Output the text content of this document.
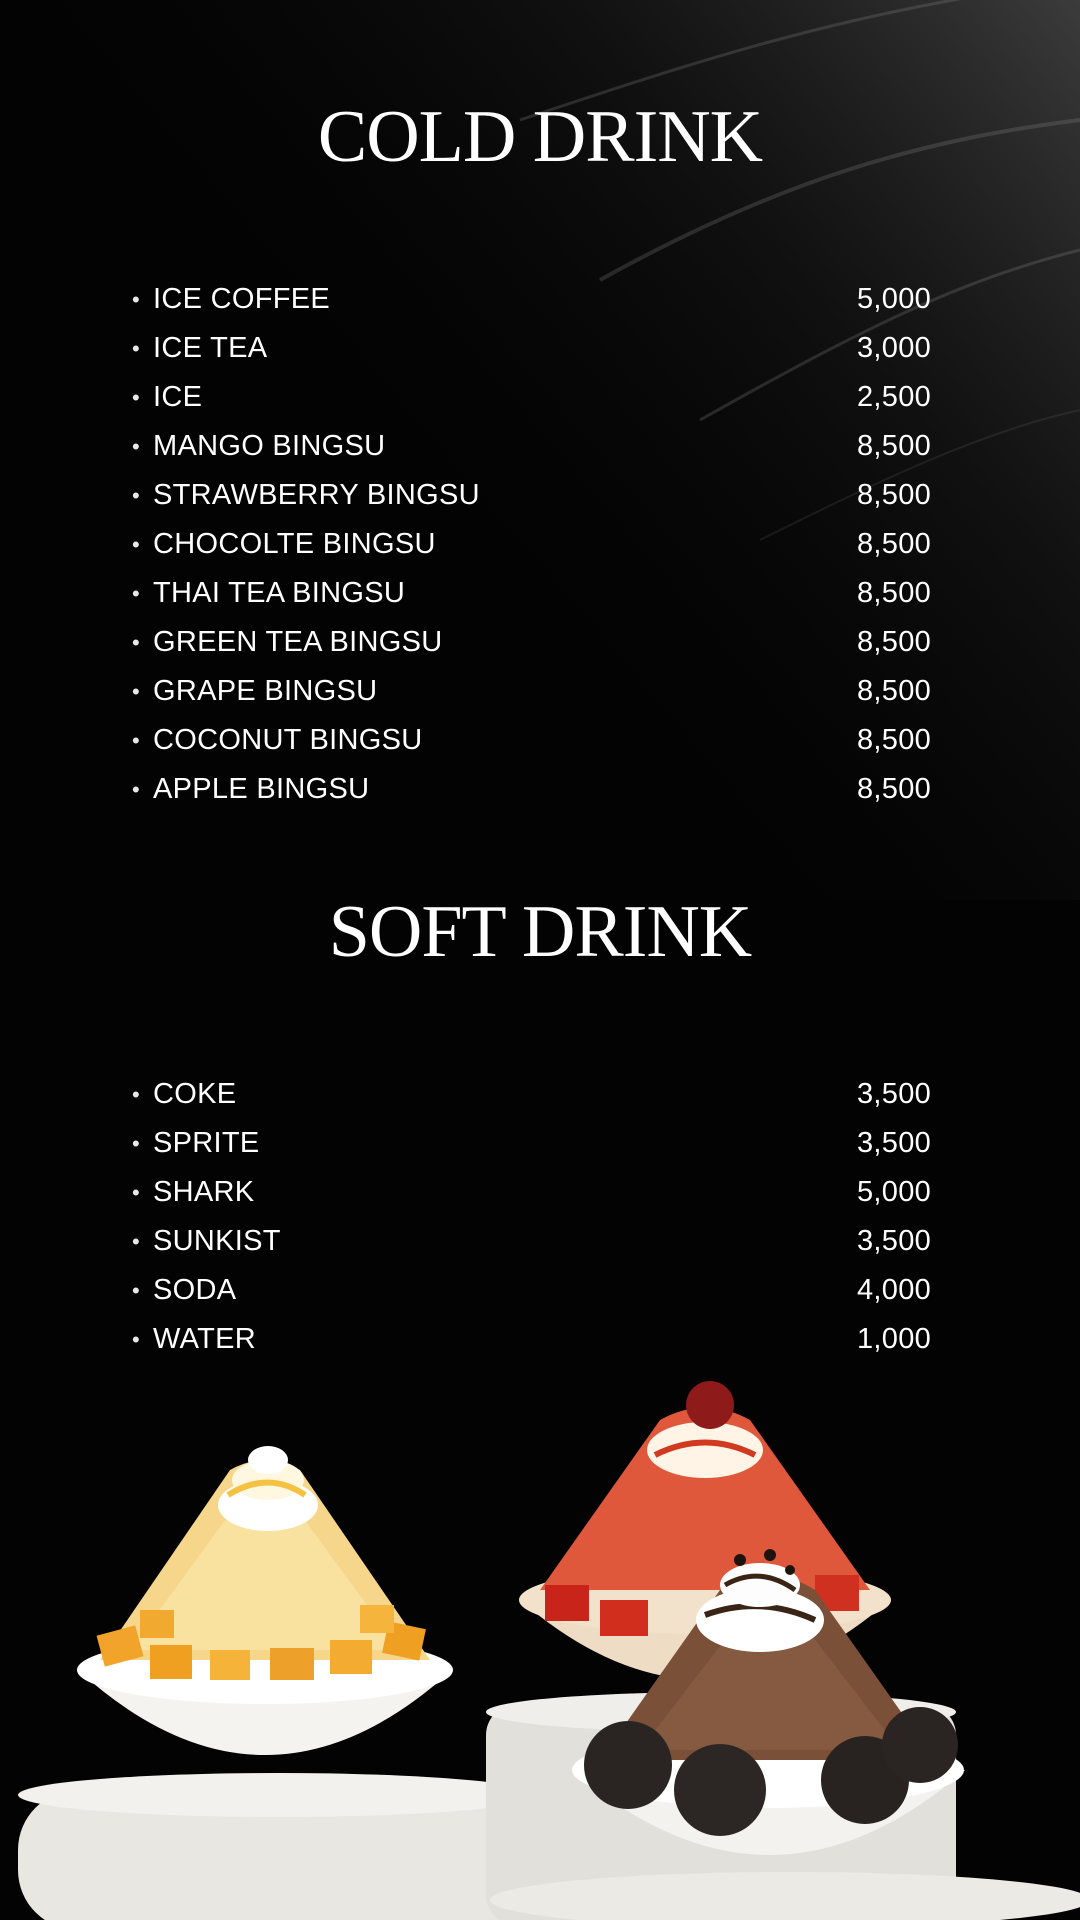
COLD DRINK
• ICE COFFEE	5,000
• ICE TEA	3,000
• ICE	2,500
• MANGO BINGSU	8,500
• STRAWBERRY BINGSU	8,500
• CHOCOLTE BINGSU	8,500
• THAI TEA BINGSU	8,500
• GREEN TEA BINGSU	8,500
• GRAPE BINGSU	8,500
• COCONUT BINGSU	8,500
• APPLE BINGSU	8,500
SOFT DRINK
• COKE	3,500
• SPRITE	3,500
• SHARK	5,000
• SUNKIST	3,500
• SODA	4,000
• WATER	1,000
